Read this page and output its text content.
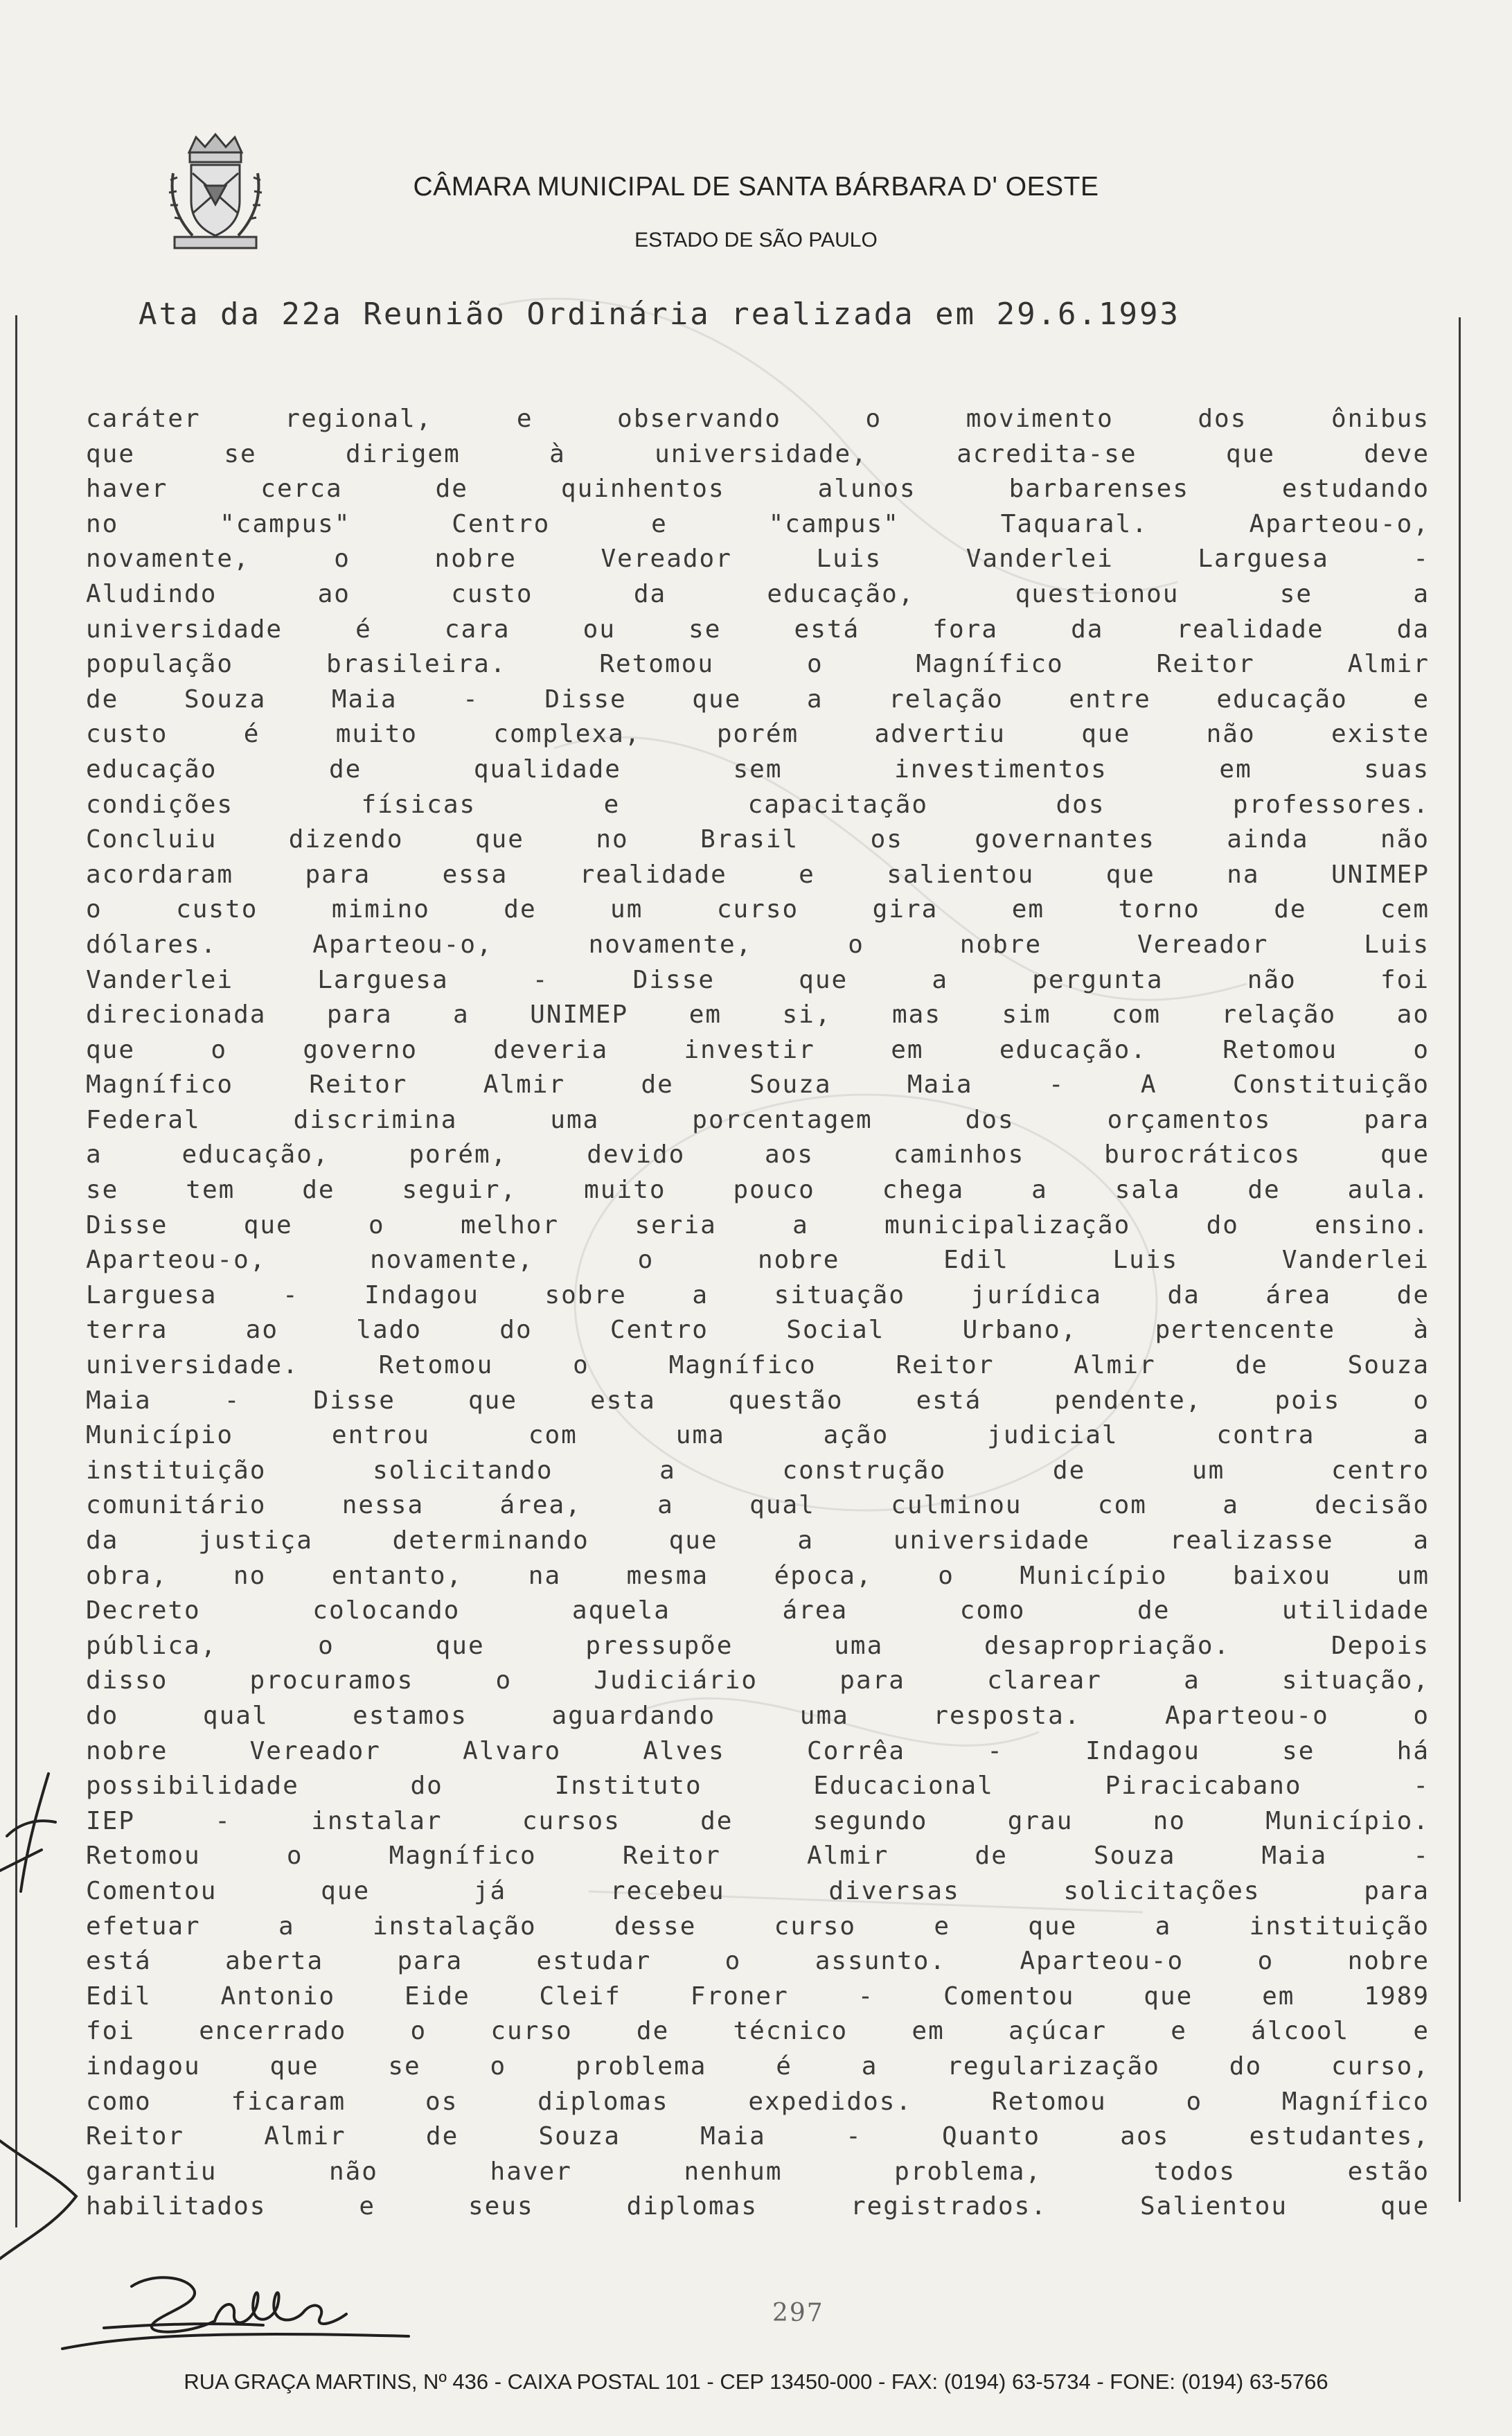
CÂMARA MUNICIPAL DE SANTA BÁRBARA D' OESTE
ESTADO DE SÃO PAULO
Ata da 22a Reunião Ordinária realizada em 29.6.1993
caráter regional, e observando o movimento dos ônibus
que se dirigem à universidade, acredita-se que deve
haver cerca de quinhentos alunos barbarenses estudando
no "campus" Centro e "campus" Taquaral. Aparteou-o,
novamente, o nobre Vereador Luis Vanderlei Larguesa -
Aludindo ao custo da educação, questionou se a
universidade é cara ou se está fora da realidade da
população brasileira. Retomou o Magnífico Reitor Almir
de Souza Maia - Disse que a relação entre educação e
custo é muito complexa, porém advertiu que não existe
educação de qualidade sem investimentos em suas
condições físicas e capacitação dos professores.
Concluiu dizendo que no Brasil os governantes ainda não
acordaram para essa realidade e salientou que na UNIMEP
o custo mimino de um curso gira em torno de cem
dólares. Aparteou-o, novamente, o nobre Vereador Luis
Vanderlei Larguesa - Disse que a pergunta não foi
direcionada para a UNIMEP em si, mas sim com relação ao
que o governo deveria investir em educação. Retomou o
Magnífico Reitor Almir de Souza Maia - A Constituição
Federal discrimina uma porcentagem dos orçamentos para
a educação, porém, devido aos caminhos burocráticos que
se tem de seguir, muito pouco chega a sala de aula.
Disse que o melhor seria a municipalização do ensino.
Aparteou-o, novamente, o nobre Edil Luis Vanderlei
Larguesa - Indagou sobre a situação jurídica da área de
terra ao lado do Centro Social Urbano, pertencente à
universidade. Retomou o Magnífico Reitor Almir de Souza
Maia - Disse que esta questão está pendente, pois o
Município entrou com uma ação judicial contra a
instituição solicitando a construção de um centro
comunitário nessa área, a qual culminou com a decisão
da justiça determinando que a universidade realizasse a
obra, no entanto, na mesma época, o Município baixou um
Decreto colocando aquela área como de utilidade
pública, o que pressupõe uma desapropriação. Depois
disso procuramos o Judiciário para clarear a situação,
do qual estamos aguardando uma resposta. Aparteou-o o
nobre Vereador Alvaro Alves Corrêa - Indagou se há
possibilidade do Instituto Educacional Piracicabano -
IEP - instalar cursos de segundo grau no Município.
Retomou o Magnífico Reitor Almir de Souza Maia -
Comentou que já recebeu diversas solicitações para
efetuar a instalação desse curso e que a instituição
está aberta para estudar o assunto. Aparteou-o o nobre
Edil Antonio Eide Cleif Froner - Comentou que em 1989
foi encerrado o curso de técnico em açúcar e álcool e
indagou que se o problema é a regularização do curso,
como ficaram os diplomas expedidos. Retomou o Magnífico
Reitor Almir de Souza Maia - Quanto aos estudantes,
garantiu não haver nenhum problema, todos estão
habilitados e seus diplomas registrados. Salientou que
297
RUA GRAÇA MARTINS, Nº 436 - CAIXA POSTAL 101 - CEP 13450-000 - FAX: (0194) 63-5734 - FONE: (0194) 63-5766
